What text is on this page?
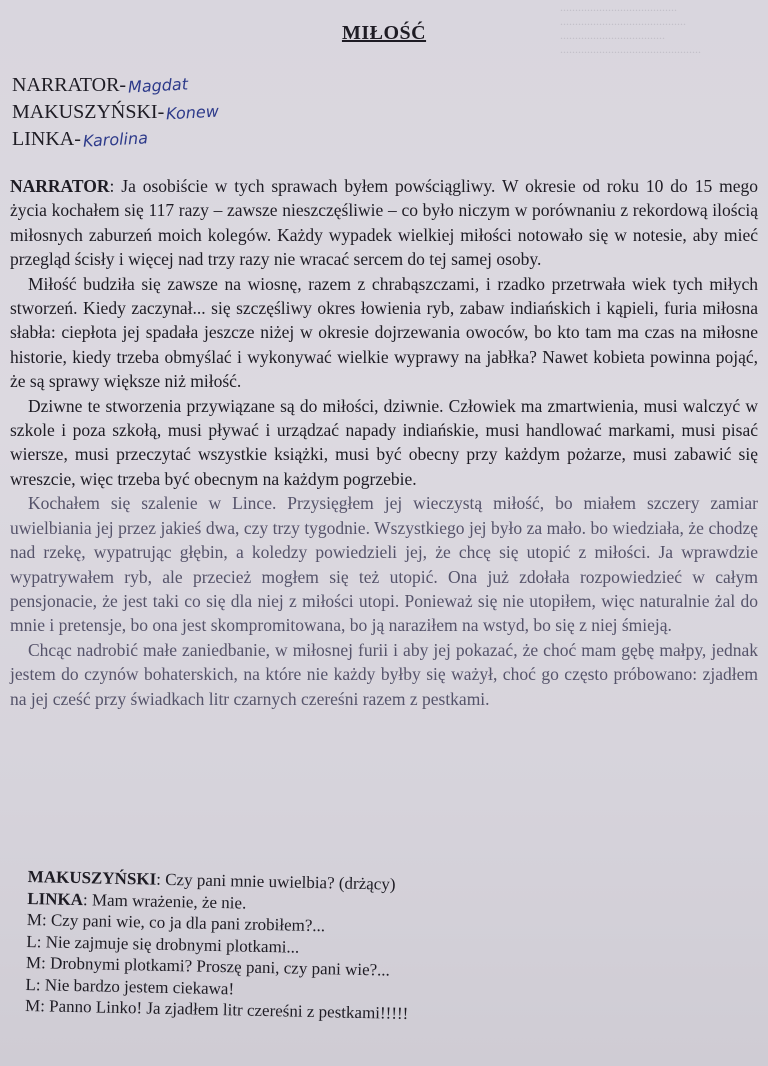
.......................................
..........................................
...................................
...............................................
MIŁOŚĆ
NARRATOR-Magdat
MAKUSZYŃSKI-Konew
LINKA-Karolina

NARRATOR: Ja osobiście w tych sprawach byłem powściągliwy. W okresie od roku 10 do 15 mego życia kochałem się 117 razy – zawsze nieszczęśliwie – co było niczym w porównaniu z rekordową ilością miłosnych zaburzeń moich kolegów. Każdy wypadek wielkiej miłości notowało się w notesie, aby mieć przegląd ścisły i więcej nad trzy razy nie wracać sercem do tej samej osoby.

Miłość budziła się zawsze na wiosnę, razem z chrabąszczami, i rzadko przetrwała wiek tych miłych stworzeń. Kiedy zaczynał... się szczęśliwy okres łowienia ryb, zabaw indiańskich i kąpieli, furia miłosna słabła: ciepłota jej spadała jeszcze niżej w okresie dojrzewania owoców, bo kto tam ma czas na miłosne historie, kiedy trzeba obmyślać i wykonywać wielkie wyprawy na jabłka? Nawet kobieta powinna pojąć, że są sprawy większe niż miłość.

Dziwne te stworzenia przywiązane są do miłości, dziwnie. Człowiek ma zmartwienia, musi walczyć w szkole i poza szkołą, musi pływać i urządzać napady indiańskie, musi handlować markami, musi pisać wiersze, musi przeczytać wszystkie książki, musi być obecny przy każdym pożarze, musi zabawić się wreszcie, więc trzeba być obecnym na każdym pogrzebie.

Kochałem się szalenie w Lince. Przysięgłem jej wieczystą miłość, bo miałem szczery zamiar uwielbiania jej przez jakieś dwa, czy trzy tygodnie. Wszystkiego jej było za mało. bo wiedziała, że chodzę nad rzekę, wypatrując głębin, a koledzy powiedzieli jej, że chcę się utopić z miłości. Ja wprawdzie wypatrywałem ryb, ale przecież mogłem się też utopić. Ona już zdołała rozpowiedzieć w całym pensjonacie, że jest taki co się dla niej z miłości utopi. Ponieważ się nie utopiłem, więc naturalnie żal do mnie i pretensje, bo ona jest skompromitowana, bo ją naraziłem na wstyd, bo się z niej śmieją.

Chcąc nadrobić małe zaniedbanie, w miłosnej furii i aby jej pokazać, że choć mam gębę małpy, jednak jestem do czynów bohaterskich, na które nie każdy byłby się ważył, choć go często próbowano: zjadłem na jej cześć przy świadkach litr czarnych czereśni razem z pestkami.

MAKUSZYŃSKI: Czy pani mnie uwielbia? (drżący)
LINKA: Mam wrażenie, że nie.
M: Czy pani wie, co ja dla pani zrobiłem?...
L: Nie zajmuje się drobnymi plotkami...
M: Drobnymi plotkami? Proszę pani, czy pani wie?...
L: Nie bardzo jestem ciekawa!
M: Panno Linko! Ja zjadłem litr czereśni z pestkami!!!!!
